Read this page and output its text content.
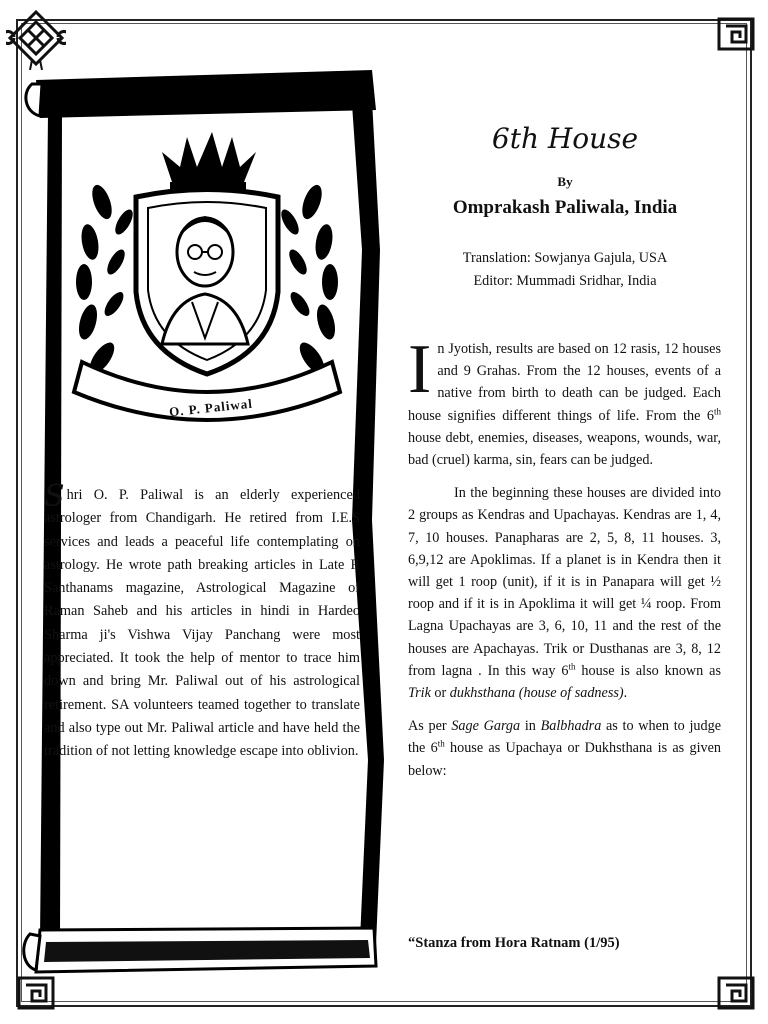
O. P. Paliwal
Shri O. P. Paliwal is an elderly experienced astrologer from Chandigarh. He retired from I.E.S services and leads a peaceful life contemplating on astrology. He wrote path breaking articles in Late R Santhanams magazine, Astrological Magazine of Raman Saheb and his articles in hindi in Hardeo Sharma ji's Vishwa Vijay Panchang were most appreciated. It took the help of mentor to trace him down and bring Mr. Paliwal out of his astrological retirement. SA volunteers teamed together to translate and also type out Mr. Paliwal article and have held the tradition of not letting knowledge escape into oblivion.
6th House
By
Omprakash Paliwala, India
Translation: Sowjanya Gajula, USA
Editor: Mummadi Sridhar, India

In Jyotish, results are based on 12 rasis, 12 houses and 9 Grahas. From the 12 houses, events of a native from birth to death can be judged. Each house signifies different things of life. From the 6th house debt, enemies, diseases, weapons, wounds, war, bad (cruel) karma, sin, fears can be judged.

In the beginning these houses are divided into 2 groups as Kendras and Upachayas. Kendras are 1, 4, 7, 10 houses. Panapharas are 2, 5, 8, 11 houses. 3, 6,9,12 are Apoklimas. If a planet is in Kendra then it will get 1 roop (unit), if it is in Panapara will get ½ roop and if it is in Apoklima it will get ¼ roop. From Lagna Upachayas are 3, 6, 10, 11 and the rest of the houses are Apachayas. Trik or Dusthanas are 3, 8, 12 from lagna . In this way 6th house is also known as Trik or dukhsthana (house of sadness).

As per Sage Garga in Balbhadra as to when to judge the 6th house as Upachaya or Dukhsthana is as given below:

“Stanza from Hora Ratnam (1/95)
